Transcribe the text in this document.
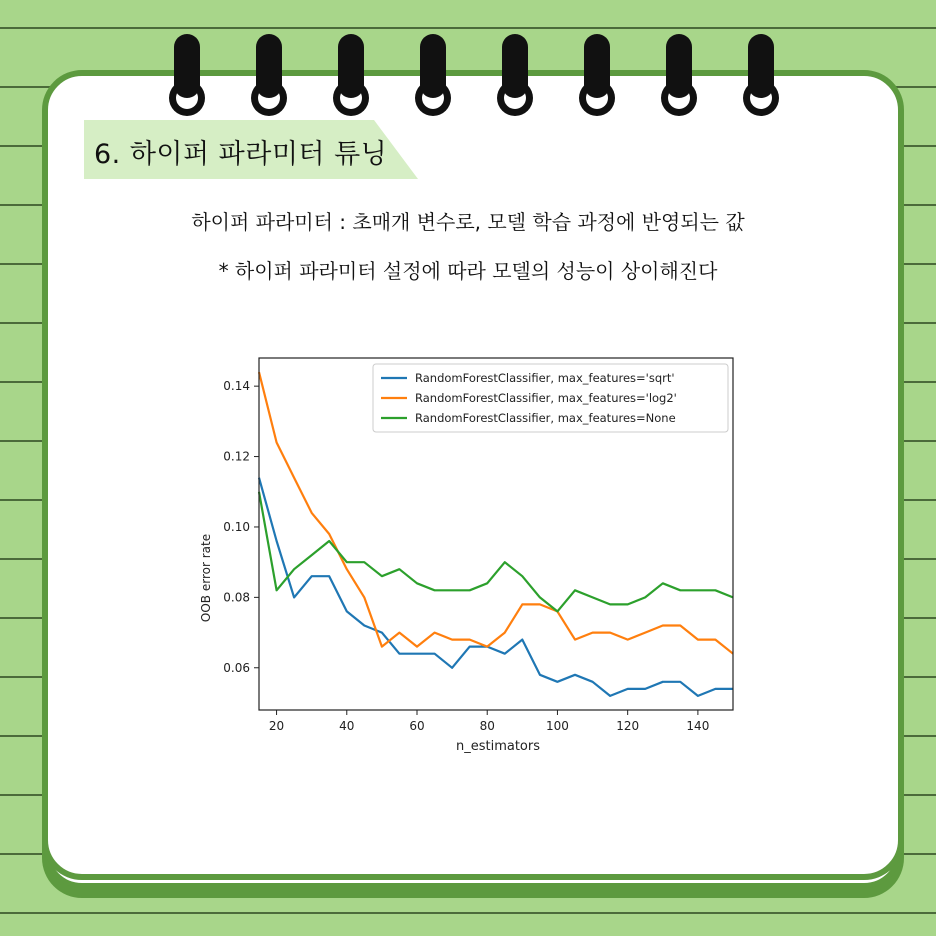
6. 하이퍼 파라미터 튜닝
하이퍼 파라미터 : 초매개 변수로, 모델 학습 과정에 반영되는 값
* 하이퍼 파라미터 설정에 따라 모델의 성능이 상이해진다
20	40	60	80	100	120	140
0.06
0.08
0.10
0.12
0.14
RandomForestClassifier, max_features='sqrt'
RandomForestClassifier, max_features='log2'
RandomForestClassifier, max_features=None
n_estimators
OOB error rate
